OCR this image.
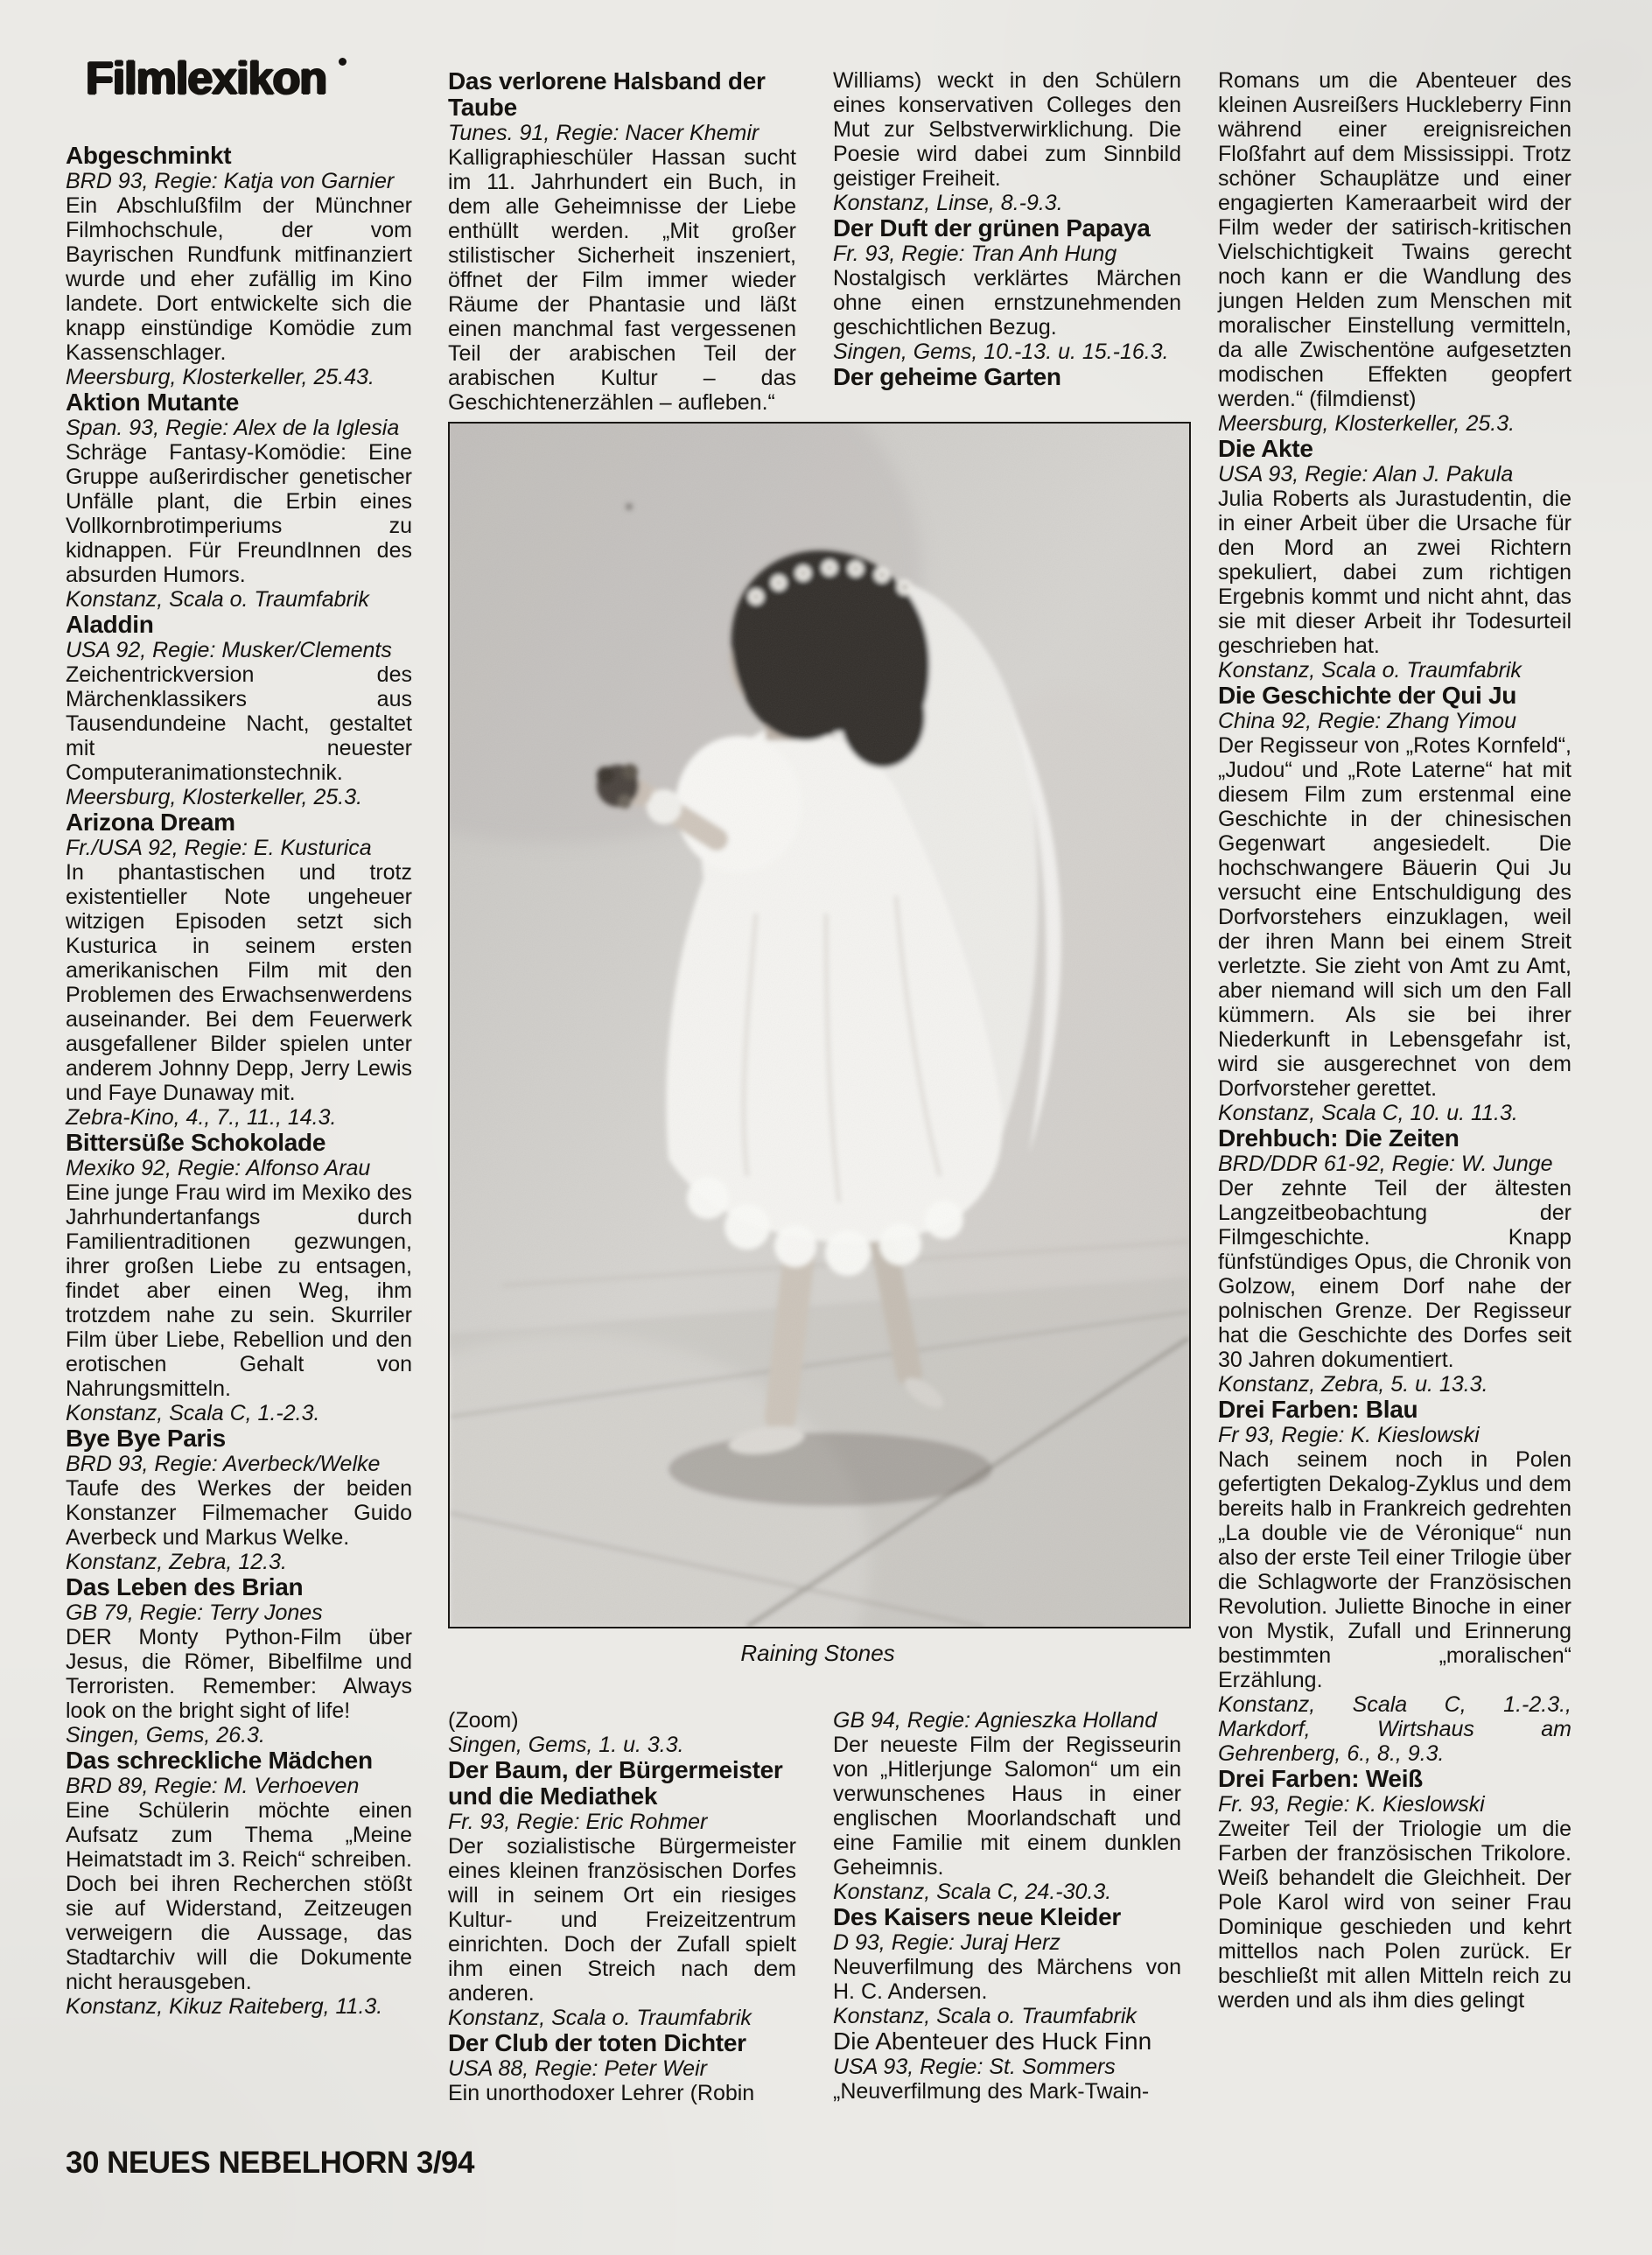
Filmlexikon
Abgeschminkt
BRD 93, Regie: Katja von Garnier
Ein Abschlußfilm der Münchner Filmhochschule, der vom Bayrischen Rundfunk mitfinanziert wurde und eher zufällig im Kino landete. Dort entwickelte sich die knapp einstündige Komödie zum Kassenschlager.
Meersburg, Klosterkeller, 25.43.
Aktion Mutante
Span. 93, Regie: Alex de la Iglesia
Schräge Fantasy-Komödie: Eine Gruppe außerirdischer genetischer Unfälle plant, die Erbin eines Vollkornbrotimperiums zu kidnappen. Für FreundInnen des absurden Humors.
Konstanz, Scala o. Traumfabrik
Aladdin
USA 92, Regie: Musker/Clements
Zeichentrickversion des Märchenklassikers aus Tausendundeine Nacht, gestaltet mit neuester Computeranimationstechnik.
Meersburg, Klosterkeller, 25.3.
Arizona Dream
Fr./USA 92, Regie: E. Kusturica
In phantastischen und trotz existentieller Note ungeheuer witzigen Episoden setzt sich Kusturica in seinem ersten amerikanischen Film mit den Problemen des Erwachsenwerdens auseinander. Bei dem Feuerwerk ausgefallener Bilder spielen unter anderem Johnny Depp, Jerry Lewis und Faye Dunaway mit.
Zebra-Kino, 4., 7., 11., 14.3.
Bittersüße Schokolade
Mexiko 92, Regie: Alfonso Arau
Eine junge Frau wird im Mexiko des Jahrhundertanfangs durch Familientraditionen gezwungen, ihrer großen Liebe zu entsagen, findet aber einen Weg, ihm trotzdem nahe zu sein. Skurriler Film über Liebe, Rebellion und den erotischen Gehalt von Nahrungsmitteln.
Konstanz, Scala C, 1.-2.3.
Bye Bye Paris
BRD 93, Regie: Averbeck/Welke
Taufe des Werkes der beiden Konstanzer Filmemacher Guido Averbeck und Markus Welke.
Konstanz, Zebra, 12.3.
Das Leben des Brian
GB 79, Regie: Terry Jones
DER Monty Python-Film über Jesus, die Römer, Bibelfilme und Terroristen. Remember: Always look on the bright sight of life!
Singen, Gems, 26.3.
Das schreckliche Mädchen
BRD 89, Regie: M. Verhoeven
Eine Schülerin möchte einen Aufsatz zum Thema „Meine Heimatstadt im 3. Reich“ schreiben. Doch bei ihren Recherchen stößt sie auf Widerstand, Zeitzeugen verweigern die Aussage, das Stadtarchiv will die Dokumente nicht herausgeben.
Konstanz, Kikuz Raiteberg, 11.3.
Das verlorene Halsband der Taube
Tunes. 91, Regie: Nacer Khemir
Kalligraphieschüler Hassan sucht im 11. Jahrhundert ein Buch, in dem alle Geheimnisse der Liebe enthüllt werden. „Mit großer stilistischer Sicherheit inszeniert, öffnet der Film immer wieder Räume der Phantasie und läßt einen manchmal fast vergessenen Teil der arabischen Teil der arabischen Kultur – das Geschichtenerzählen – aufleben.“
Williams) weckt in den Schülern eines konservativen Colleges den Mut zur Selbstverwirklichung. Die Poesie wird dabei zum Sinnbild geistiger Freiheit.
Konstanz, Linse, 8.-9.3.
Der Duft der grünen Papaya
Fr. 93, Regie: Tran Anh Hung
Nostalgisch verklärtes Märchen ohne einen ernstzunehmenden geschichtlichen Bezug.
Singen, Gems, 10.-13. u. 15.-16.3.
Der geheime Garten
Romans um die Abenteuer des kleinen Ausreißers Huckleberry Finn während einer ereignisreichen Floßfahrt auf dem Mississippi. Trotz schöner Schauplätze und einer engagierten Kameraarbeit wird der Film weder der satirisch-kritischen Vielschichtigkeit Twains gerecht noch kann er die Wandlung des jungen Helden zum Menschen mit moralischer Einstellung vermitteln, da alle Zwischentöne aufgesetzten modischen Effekten geopfert werden.“ (filmdienst)
Meersburg, Klosterkeller, 25.3.
Die Akte
USA 93, Regie: Alan J. Pakula
Julia Roberts als Jurastudentin, die in einer Arbeit über die Ursache für den Mord an zwei Richtern spekuliert, dabei zum richtigen Ergebnis kommt und nicht ahnt, das sie mit dieser Arbeit ihr Todesurteil geschrieben hat.
Konstanz, Scala o. Traumfabrik
Die Geschichte der Qui Ju
China 92, Regie: Zhang Yimou
Der Regisseur von „Rotes Kornfeld“, „Judou“ und „Rote Laterne“ hat mit diesem Film zum erstenmal eine Geschichte in der chinesischen Gegenwart angesiedelt. Die hochschwangere Bäuerin Qui Ju versucht eine Entschuldigung des Dorfvorstehers einzuklagen, weil der ihren Mann bei einem Streit verletzte. Sie zieht von Amt zu Amt, aber niemand will sich um den Fall kümmern. Als sie bei ihrer Niederkunft in Lebensgefahr ist, wird sie ausgerechnet von dem Dorfvorsteher gerettet.
Konstanz, Scala C, 10. u. 11.3.
Drehbuch: Die Zeiten
BRD/DDR 61-92, Regie: W. Junge
Der zehnte Teil der ältesten Langzeitbeobachtung der Filmgeschichte. Knapp fünfstündiges Opus, die Chronik von Golzow, einem Dorf nahe der polnischen Grenze. Der Regisseur hat die Geschichte des Dorfes seit 30 Jahren dokumentiert.
Konstanz, Zebra, 5. u. 13.3.
Drei Farben: Blau
Fr 93, Regie: K. Kieslowski
Nach seinem noch in Polen gefertigten Dekalog-Zyklus und dem bereits halb in Frankreich gedrehten „La double vie de Véronique“ nun also der erste Teil einer Trilogie über die Schlagworte der Französischen Revolution. Juliette Binoche in einer von Mystik, Zufall und Erinnerung bestimmten „moralischen“ Erzählung.
Konstanz, Scala C, 1.-2.3., Markdorf, Wirtshaus am Gehrenberg, 6., 8., 9.3.
Drei Farben: Weiß
Fr. 93, Regie: K. Kieslowski
Zweiter Teil der Triologie um die Farben der französischen Trikolore. Weiß behandelt die Gleichheit. Der Pole Karol wird von seiner Frau Dominique geschieden und kehrt mittellos nach Polen zurück. Er beschließt mit allen Mitteln reich zu werden und als ihm dies gelingt
Raining Stones
(Zoom)
Singen, Gems, 1. u. 3.3.
Der Baum, der Bürgermeister und die Mediathek
Fr. 93, Regie: Eric Rohmer
Der sozialistische Bürgermeister eines kleinen französischen Dorfes will in seinem Ort ein riesiges Kultur- und Freizeitzentrum einrichten. Doch der Zufall spielt ihm einen Streich nach dem anderen.
Konstanz, Scala o. Traumfabrik
Der Club der toten Dichter
USA 88, Regie: Peter Weir
Ein unorthodoxer Lehrer (Robin
GB 94, Regie: Agnieszka Holland
Der neueste Film der Regisseurin von „Hitlerjunge Salomon“ um ein verwunschenes Haus in einer englischen Moorlandschaft und eine Familie mit einem dunklen Geheimnis.
Konstanz, Scala C, 24.-30.3.
Des Kaisers neue Kleider
D 93, Regie: Juraj Herz
Neuverfilmung des Märchens von H. C. Andersen.
Konstanz, Scala o. Traumfabrik
Die Abenteuer des Huck Finn
USA 93, Regie: St. Sommers
„Neuverfilmung des Mark-Twain-
30 NEUES NEBELHORN 3/94
